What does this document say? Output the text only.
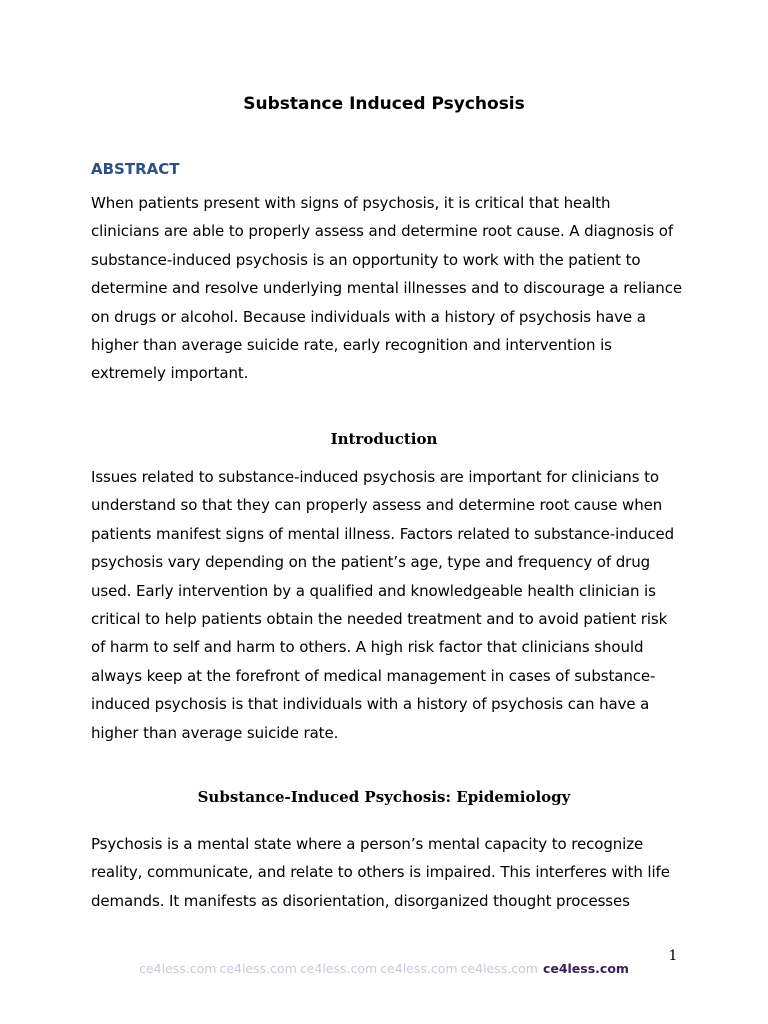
Substance Induced Psychosis
ABSTRACT

When patients present with signs of psychosis, it is critical that health clinicians are able to properly assess and determine root cause. A diagnosis of substance-induced psychosis is an opportunity to work with the patient to determine and resolve underlying mental illnesses and to discourage a reliance on drugs or alcohol. Because individuals with a history of psychosis have a higher than average suicide rate, early recognition and intervention is extremely important.

Introduction

Issues related to substance-induced psychosis are important for clinicians to understand so that they can properly assess and determine root cause when patients manifest signs of mental illness. Factors related to substance-induced psychosis vary depending on the patient’s age, type and frequency of drug used. Early intervention by a qualified and knowledgeable health clinician is critical to help patients obtain the needed treatment and to avoid patient risk of harm to self and harm to others. A high risk factor that clinicians should always keep at the forefront of medical management in cases of substance-induced psychosis is that individuals with a history of psychosis can have a higher than average suicide rate.

Substance-Induced Psychosis: Epidemiology

Psychosis is a mental state where a person’s mental capacity to recognize reality, communicate, and relate to others is impaired. This interferes with life demands. It manifests as disorientation, disorganized thought processes

1
ce4less.com ce4less.com ce4less.com ce4less.com ce4less.com ce4less.com
